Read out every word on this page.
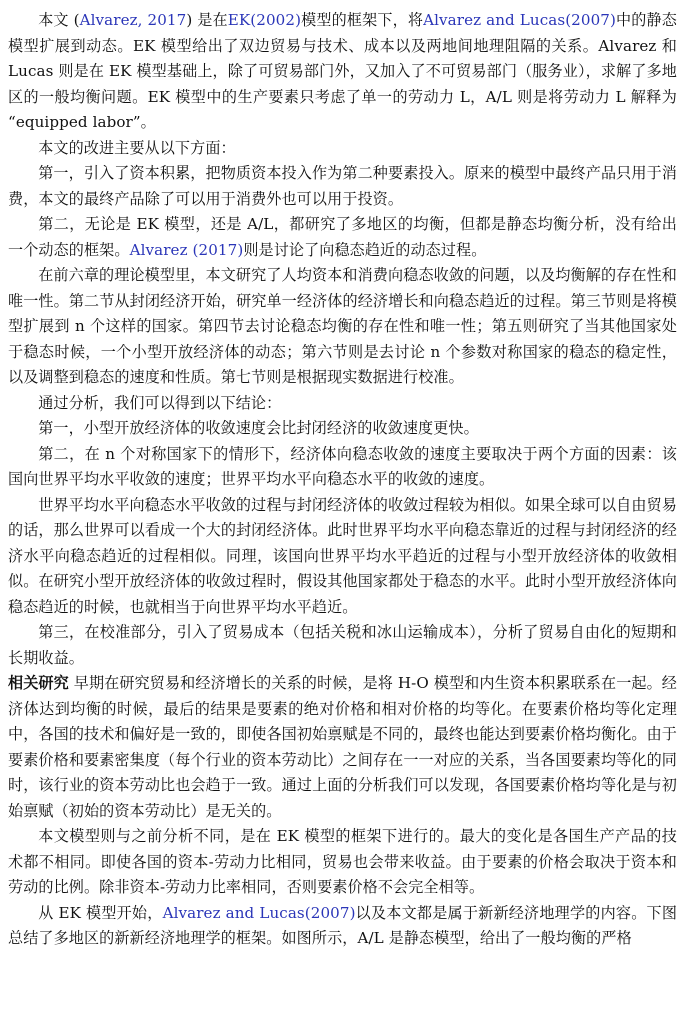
本文 (Alvarez, 2017) 是在EK(2002)模型的框架下，将Alvarez and Lucas(2007)中的静态模型扩展到动态。EK 模型给出了双边贸易与技术、成本以及两地间地理阻隔的关系。Alvarez 和 Lucas 则是在 EK 模型基础上，除了可贸易部门外，又加入了不可贸易部门（服务业），求解了多地区的一般均衡问题。EK 模型中的生产要素只考虑了单一的劳动力 L，A/L 则是将劳动力 L 解释为 “equipped labor”。

本文的改进主要从以下方面：

第一，引入了资本积累，把物质资本投入作为第二种要素投入。原来的模型中最终产品只用于消费，本文的最终产品除了可以用于消费外也可以用于投资。

第二，无论是 EK 模型，还是 A/L，都研究了多地区的均衡，但都是静态均衡分析，没有给出一个动态的框架。Alvarez (2017)则是讨论了向稳态趋近的动态过程。

在前六章的理论模型里，本文研究了人均资本和消费向稳态收敛的问题，以及均衡解的存在性和唯一性。第二节从封闭经济开始，研究单一经济体的经济增长和向稳态趋近的过程。第三节则是将模型扩展到 n 个这样的国家。第四节去讨论稳态均衡的存在性和唯一性；第五则研究了当其他国家处于稳态时候，一个小型开放经济体的动态；第六节则是去讨论 n 个参数对称国家的稳态的稳定性，以及调整到稳态的速度和性质。第七节则是根据现实数据进行校准。

通过分析，我们可以得到以下结论：

第一，小型开放经济体的收敛速度会比封闭经济的收敛速度更快。

第二，在 n 个对称国家下的情形下，经济体向稳态收敛的速度主要取决于两个方面的因素：该国向世界平均水平收敛的速度；世界平均水平向稳态水平的收敛的速度。

世界平均水平向稳态水平收敛的过程与封闭经济体的收敛过程较为相似。如果全球可以自由贸易的话，那么世界可以看成一个大的封闭经济体。此时世界平均水平向稳态靠近的过程与封闭经济的经济水平向稳态趋近的过程相似。同理，该国向世界平均水平趋近的过程与小型开放经济体的收敛相似。在研究小型开放经济体的收敛过程时，假设其他国家都处于稳态的水平。此时小型开放经济体向稳态趋近的时候，也就相当于向世界平均水平趋近。

第三，在校准部分，引入了贸易成本（包括关税和冰山运输成本），分析了贸易自由化的短期和长期收益。

相关研究 早期在研究贸易和经济增长的关系的时候，是将 H-O 模型和内生资本积累联系在一起。经济体达到均衡的时候，最后的结果是要素的绝对价格和相对价格的均等化。在要素价格均等化定理中，各国的技术和偏好是一致的，即使各国初始禀赋是不同的，最终也能达到要素价格均衡化。由于要素价格和要素密集度（每个行业的资本劳动比）之间存在一一对应的关系，当各国要素均等化的同时，该行业的资本劳动比也会趋于一致。通过上面的分析我们可以发现，各国要素价格均等化是与初始禀赋（初始的资本劳动比）是无关的。

本文模型则与之前分析不同，是在 EK 模型的框架下进行的。最大的变化是各国生产产品的技术都不相同。即使各国的资本-劳动力比相同，贸易也会带来收益。由于要素的价格会取决于资本和劳动的比例。除非资本-劳动力比率相同，否则要素价格不会完全相等。

从 EK 模型开始，Alvarez and Lucas(2007)以及本文都是属于新新经济地理学的内容。下图总结了多地区的新新经济地理学的框架。如图所示，A/L 是静态模型，给出了一般均衡的严格
